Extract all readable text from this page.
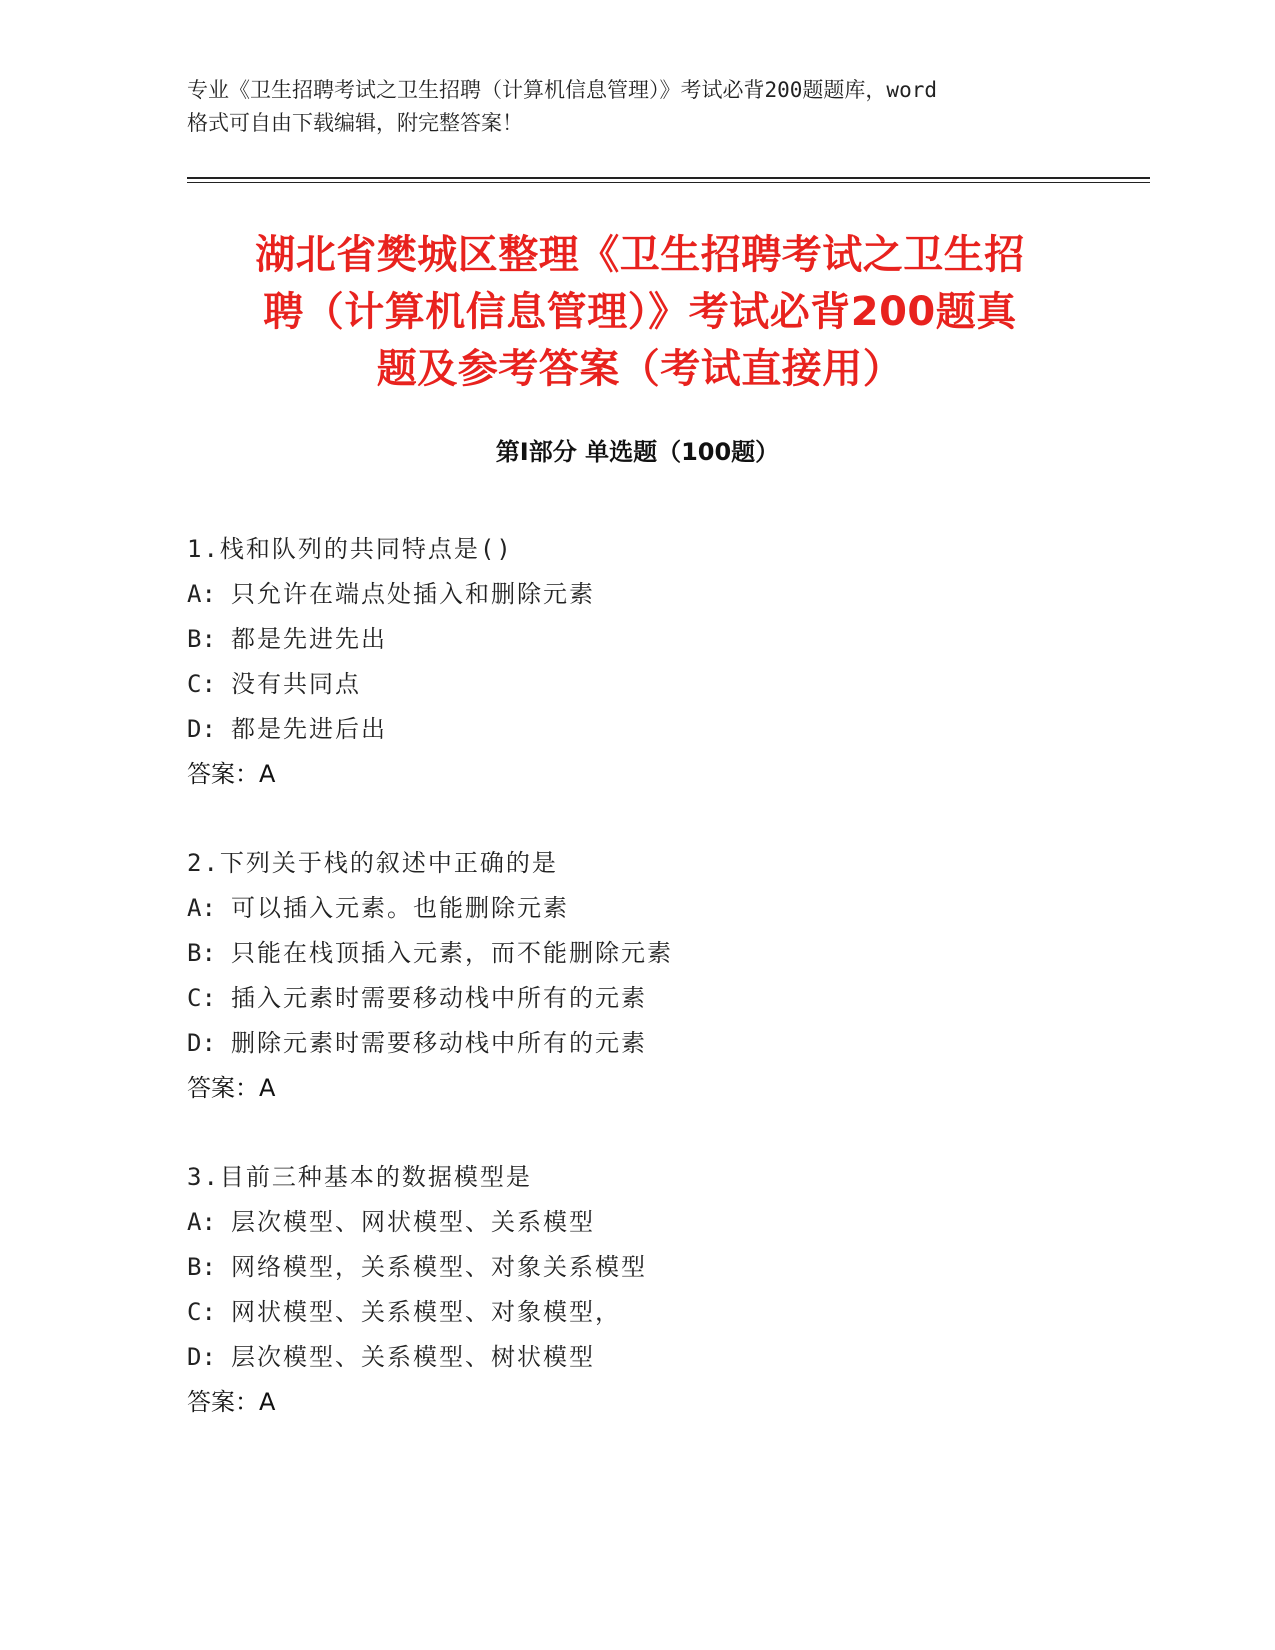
专业《卫生招聘考试之卫生招聘（计算机信息管理）》考试必背200题题库，word
格式可自由下载编辑，附完整答案！
湖北省樊城区整理《卫生招聘考试之卫生招
聘（计算机信息管理）》考试必背200题真
题及参考答案（考试直接用）
第Ⅰ部分 单选题（100题）
1.栈和队列的共同特点是()
A: 只允许在端点处插入和删除元素
B: 都是先进先出
C: 没有共同点
D: 都是先进后出
答案：A
2.下列关于栈的叙述中正确的是
A: 可以插入元素。也能删除元素
B: 只能在栈顶插入元素，而不能删除元素
C: 插入元素时需要移动栈中所有的元素
D: 删除元素时需要移动栈中所有的元素
答案：A
3.目前三种基本的数据模型是
A: 层次模型、网状模型、关系模型
B: 网络模型，关系模型、对象关系模型
C: 网状模型、关系模型、对象模型，
D: 层次模型、关系模型、树状模型
答案：A
